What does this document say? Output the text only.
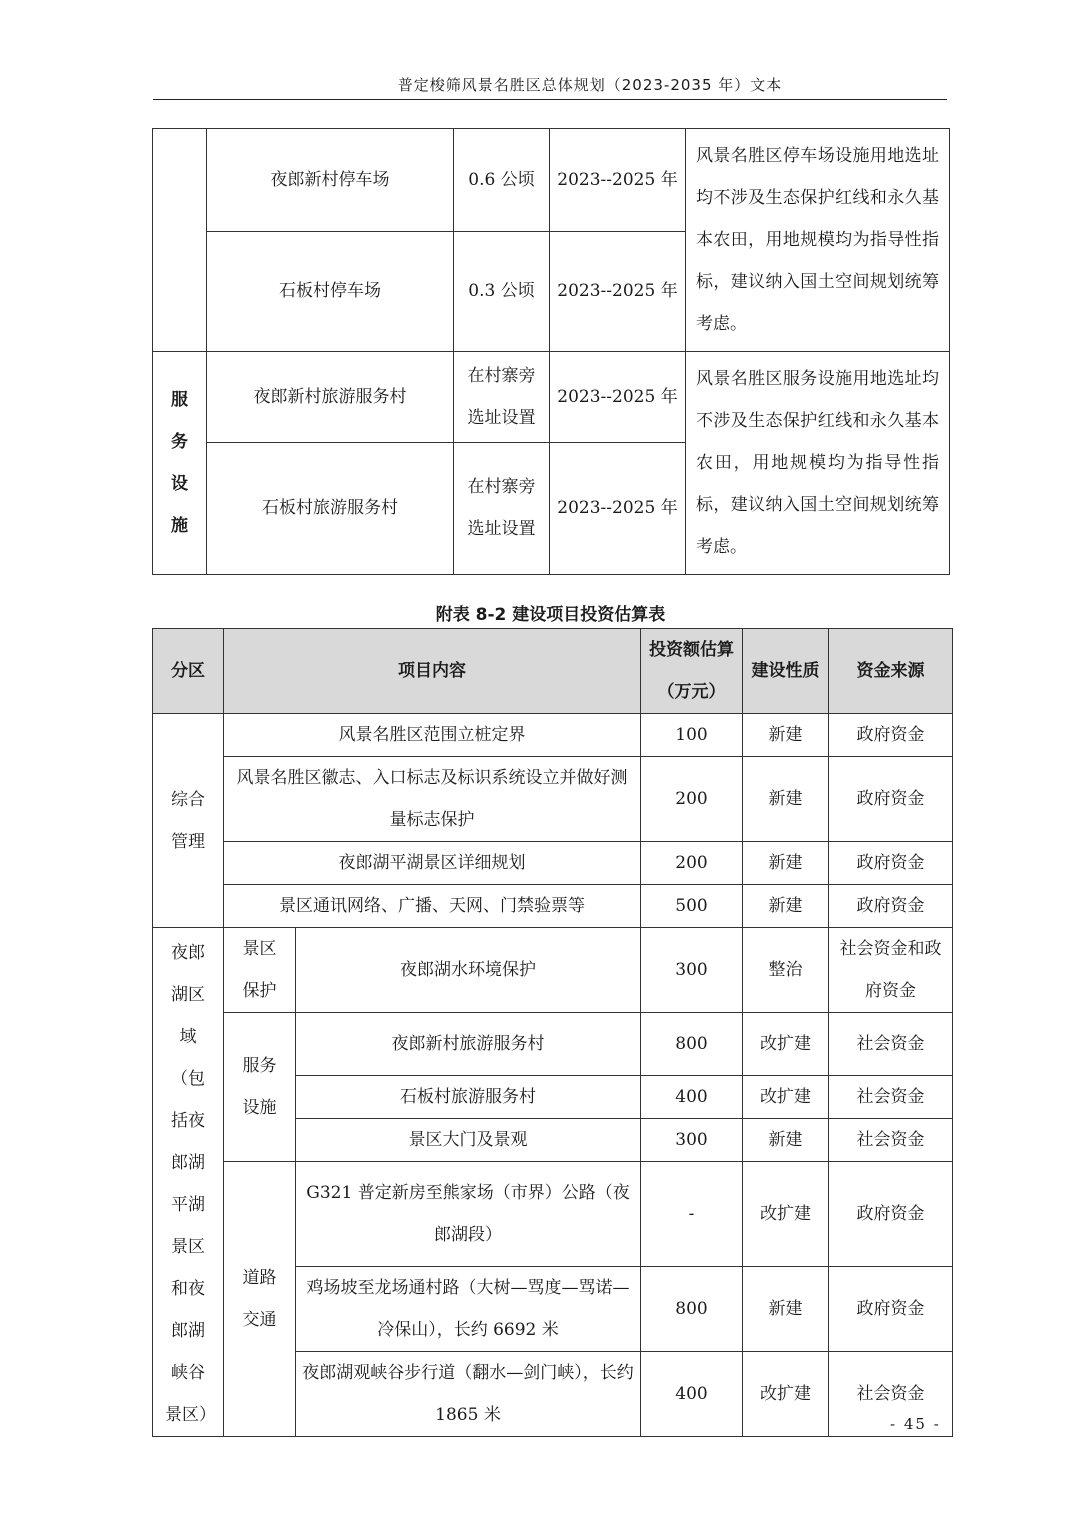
普定梭筛风景名胜区总体规划（2023-2035 年）文本
	夜郎新村停车场	0.6 公顷	2023--2025 年	风景名胜区停车场设施用地选址均不涉及生态保护红线和永久基本农田，用地规模均为指导性指标，建议纳入国土空间规划统筹考虑。
	石板村停车场	0.3 公顷	2023--2025 年	
服务设施	夜郎新村旅游服务村	在村寨旁选址设置	2023--2025 年	风景名胜区服务设施用地选址均不涉及生态保护红线和永久基本农田，用地规模均为指导性指标，建议纳入国土空间规划统筹考虑。
	石板村旅游服务村	在村寨旁选址设置	2023--2025 年	
附表 8-2 建设项目投资估算表
分区	项目内容		投资额估算（万元）	建设性质	资金来源
综合管理	风景名胜区范围立桩定界		100	新建	政府资金
	风景名胜区徽志、入口标志及标识系统设立并做好测量标志保护		200	新建	政府资金
	夜郎湖平湖景区详细规划		200	新建	政府资金
	景区通讯网络、广播、天网、门禁验票等		500	新建	政府资金
夜郎湖区域（包括夜郎湖平湖景区和夜郎湖峡谷景区）	景区保护	夜郎湖水环境保护	300	整治	社会资金和政府资金
	服务设施	夜郎新村旅游服务村	800	改扩建	社会资金
		石板村旅游服务村	400	改扩建	社会资金
		景区大门及景观	300	新建	社会资金
	道路交通	G321 普定新房至熊家场（市界）公路（夜郎湖段）	-	改扩建	政府资金
		鸡场坡至龙场通村路（大树—骂度—骂诺—冷保山），长约 6692 米	800	新建	政府资金
		夜郎湖观峡谷步行道（翻水—剑门峡），长约 1865 米	400	改扩建	社会资金
- 45 -
